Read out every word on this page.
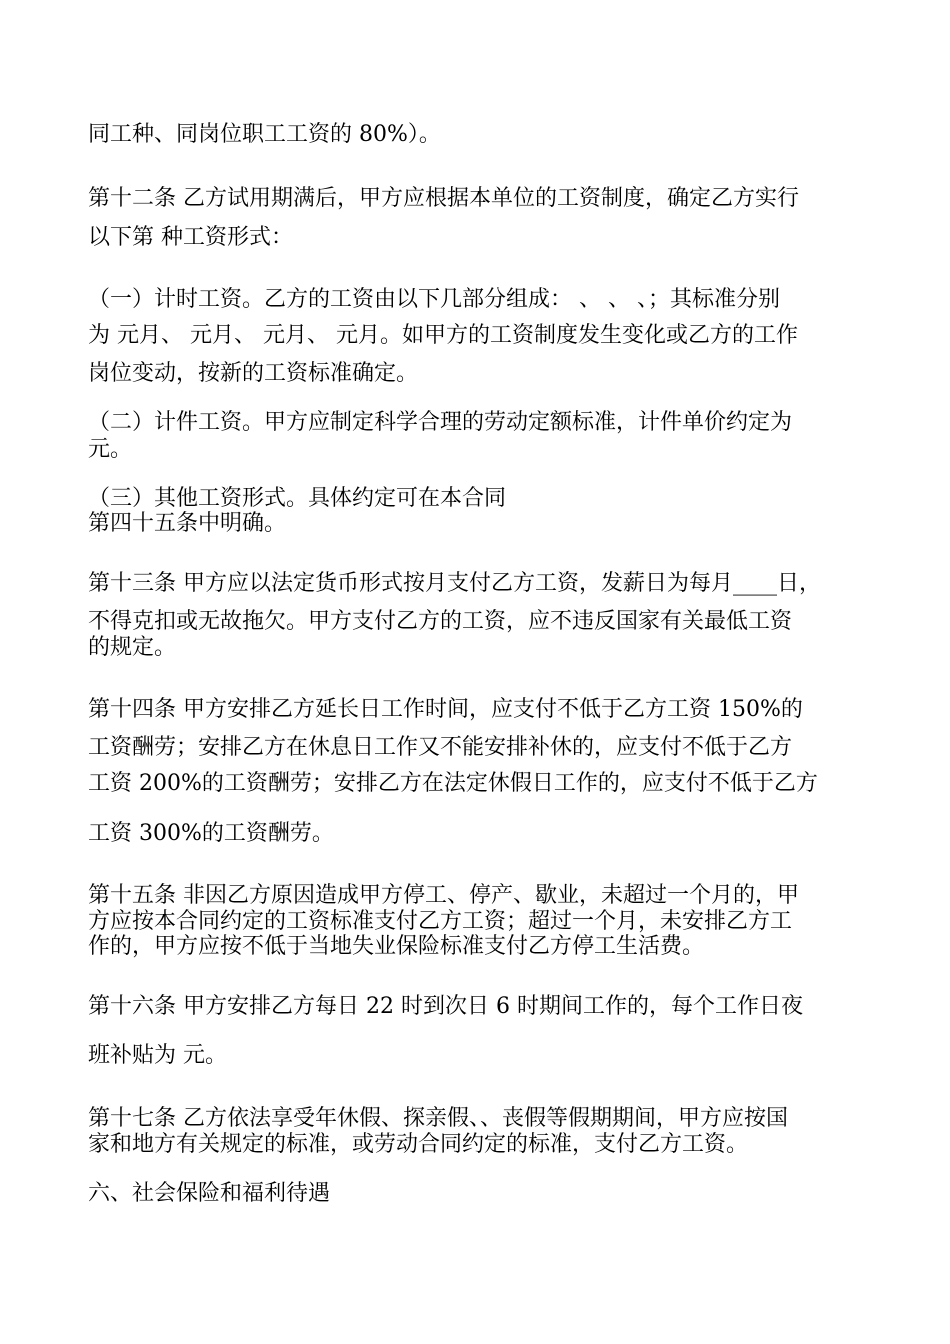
同工种、同岗位职工工资的 80%）。
第十二条 乙方试用期满后，甲方应根据本单位的工资制度，确定乙方实行
以下第 种工资形式：
（一）计时工资。乙方的工资由以下几部分组成： 、 、 、；其标准分别
为 元月、 元月、 元月、 元月。如甲方的工资制度发生变化或乙方的工作
岗位变动，按新的工资标准确定。
（二）计件工资。甲方应制定科学合理的劳动定额标准，计件单价约定为
元。
（三）其他工资形式。具体约定可在本合同
第四十五条中明确。
第十三条 甲方应以法定货币形式按月支付乙方工资，发薪日为每月____日，
不得克扣或无故拖欠。甲方支付乙方的工资，应不违反国家有关最低工资
的规定。
第十四条 甲方安排乙方延长日工作时间，应支付不低于乙方工资 150%的
工资酬劳；安排乙方在休息日工作又不能安排补休的，应支付不低于乙方
工资 200%的工资酬劳；安排乙方在法定休假日工作的，应支付不低于乙方
工资 300%的工资酬劳。
第十五条 非因乙方原因造成甲方停工、停产、歇业，未超过一个月的，甲
方应按本合同约定的工资标准支付乙方工资；超过一个月，未安排乙方工
作的，甲方应按不低于当地失业保险标准支付乙方停工生活费。
第十六条 甲方安排乙方每日 22 时到次日 6 时期间工作的，每个工作日夜
班补贴为 元。
第十七条 乙方依法享受年休假、探亲假、、丧假等假期期间，甲方应按国
家和地方有关规定的标准，或劳动合同约定的标准，支付乙方工资。
六、社会保险和福利待遇
